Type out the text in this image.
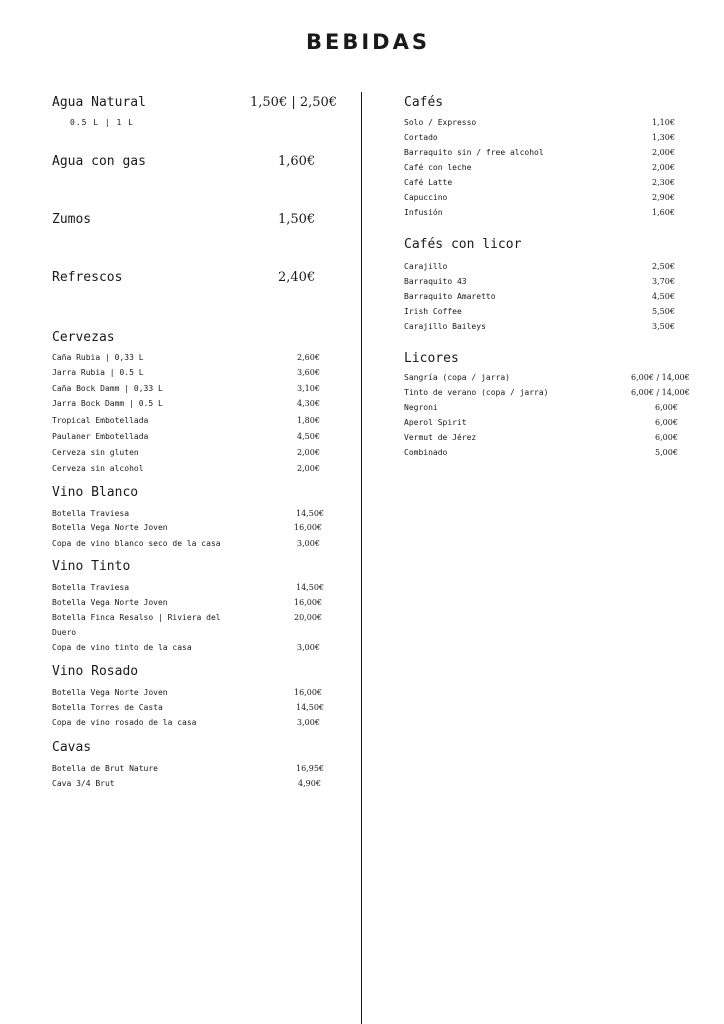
BEBIDAS
Agua Natural	1,50€ | 2,50€
0.5 L | 1 L
Agua con gas	1,60€
Zumos	1,50€
Refrescos	2,40€
Cervezas
Caña Rubia | 0,33 L	2,60€
Jarra Rubia | 0.5 L	3,60€
Caña Bock Damm | 0,33 L	3,10€
Jarra Bock Damm | 0.5 L	4,30€
Tropical Embotellada	1,80€
Paulaner Embotellada	4,50€
Cerveza sin gluten	2,00€
Cerveza sin alcohol	2,00€
Vino Blanco
Botella Traviesa	14,50€
Botella Vega Norte Joven	16,00€
Copa de vino blanco seco de la casa	3,00€
Vino Tinto
Botella Traviesa	14,50€
Botella Vega Norte Joven	16,00€
Botella Finca Resalso | Riviera del	20,00€
Duero
Copa de vino tinto de la casa	3,00€
Vino Rosado
Botella Vega Norte Joven	16,00€
Botella Torres de Casta	14,50€
Copa de vino rosado de la casa	3,00€
Cavas
Botella de Brut Nature	16,95€
Cava 3/4 Brut	4,90€
Cafés
Solo / Expresso	1,10€
Cortado	1,30€
Barraquito sin / free alcohol	2,00€
Café con leche	2,00€
Café Latte	2,30€
Capuccino	2,90€
Infusión	1,60€
Cafés con licor
Carajillo	2,50€
Barraquito 43	3,70€
Barraquito Amaretto	4,50€
Irish Coffee	5,50€
Carajillo Baileys	3,50€
Licores
Sangría (copa / jarra)	6,00€ / 14,00€
Tinto de verano (copa / jarra)	6,00€ / 14,00€
Negroni	6,00€
Aperol Spirit	6,00€
Vermut de Jérez	6,00€
Combinado	5,00€
